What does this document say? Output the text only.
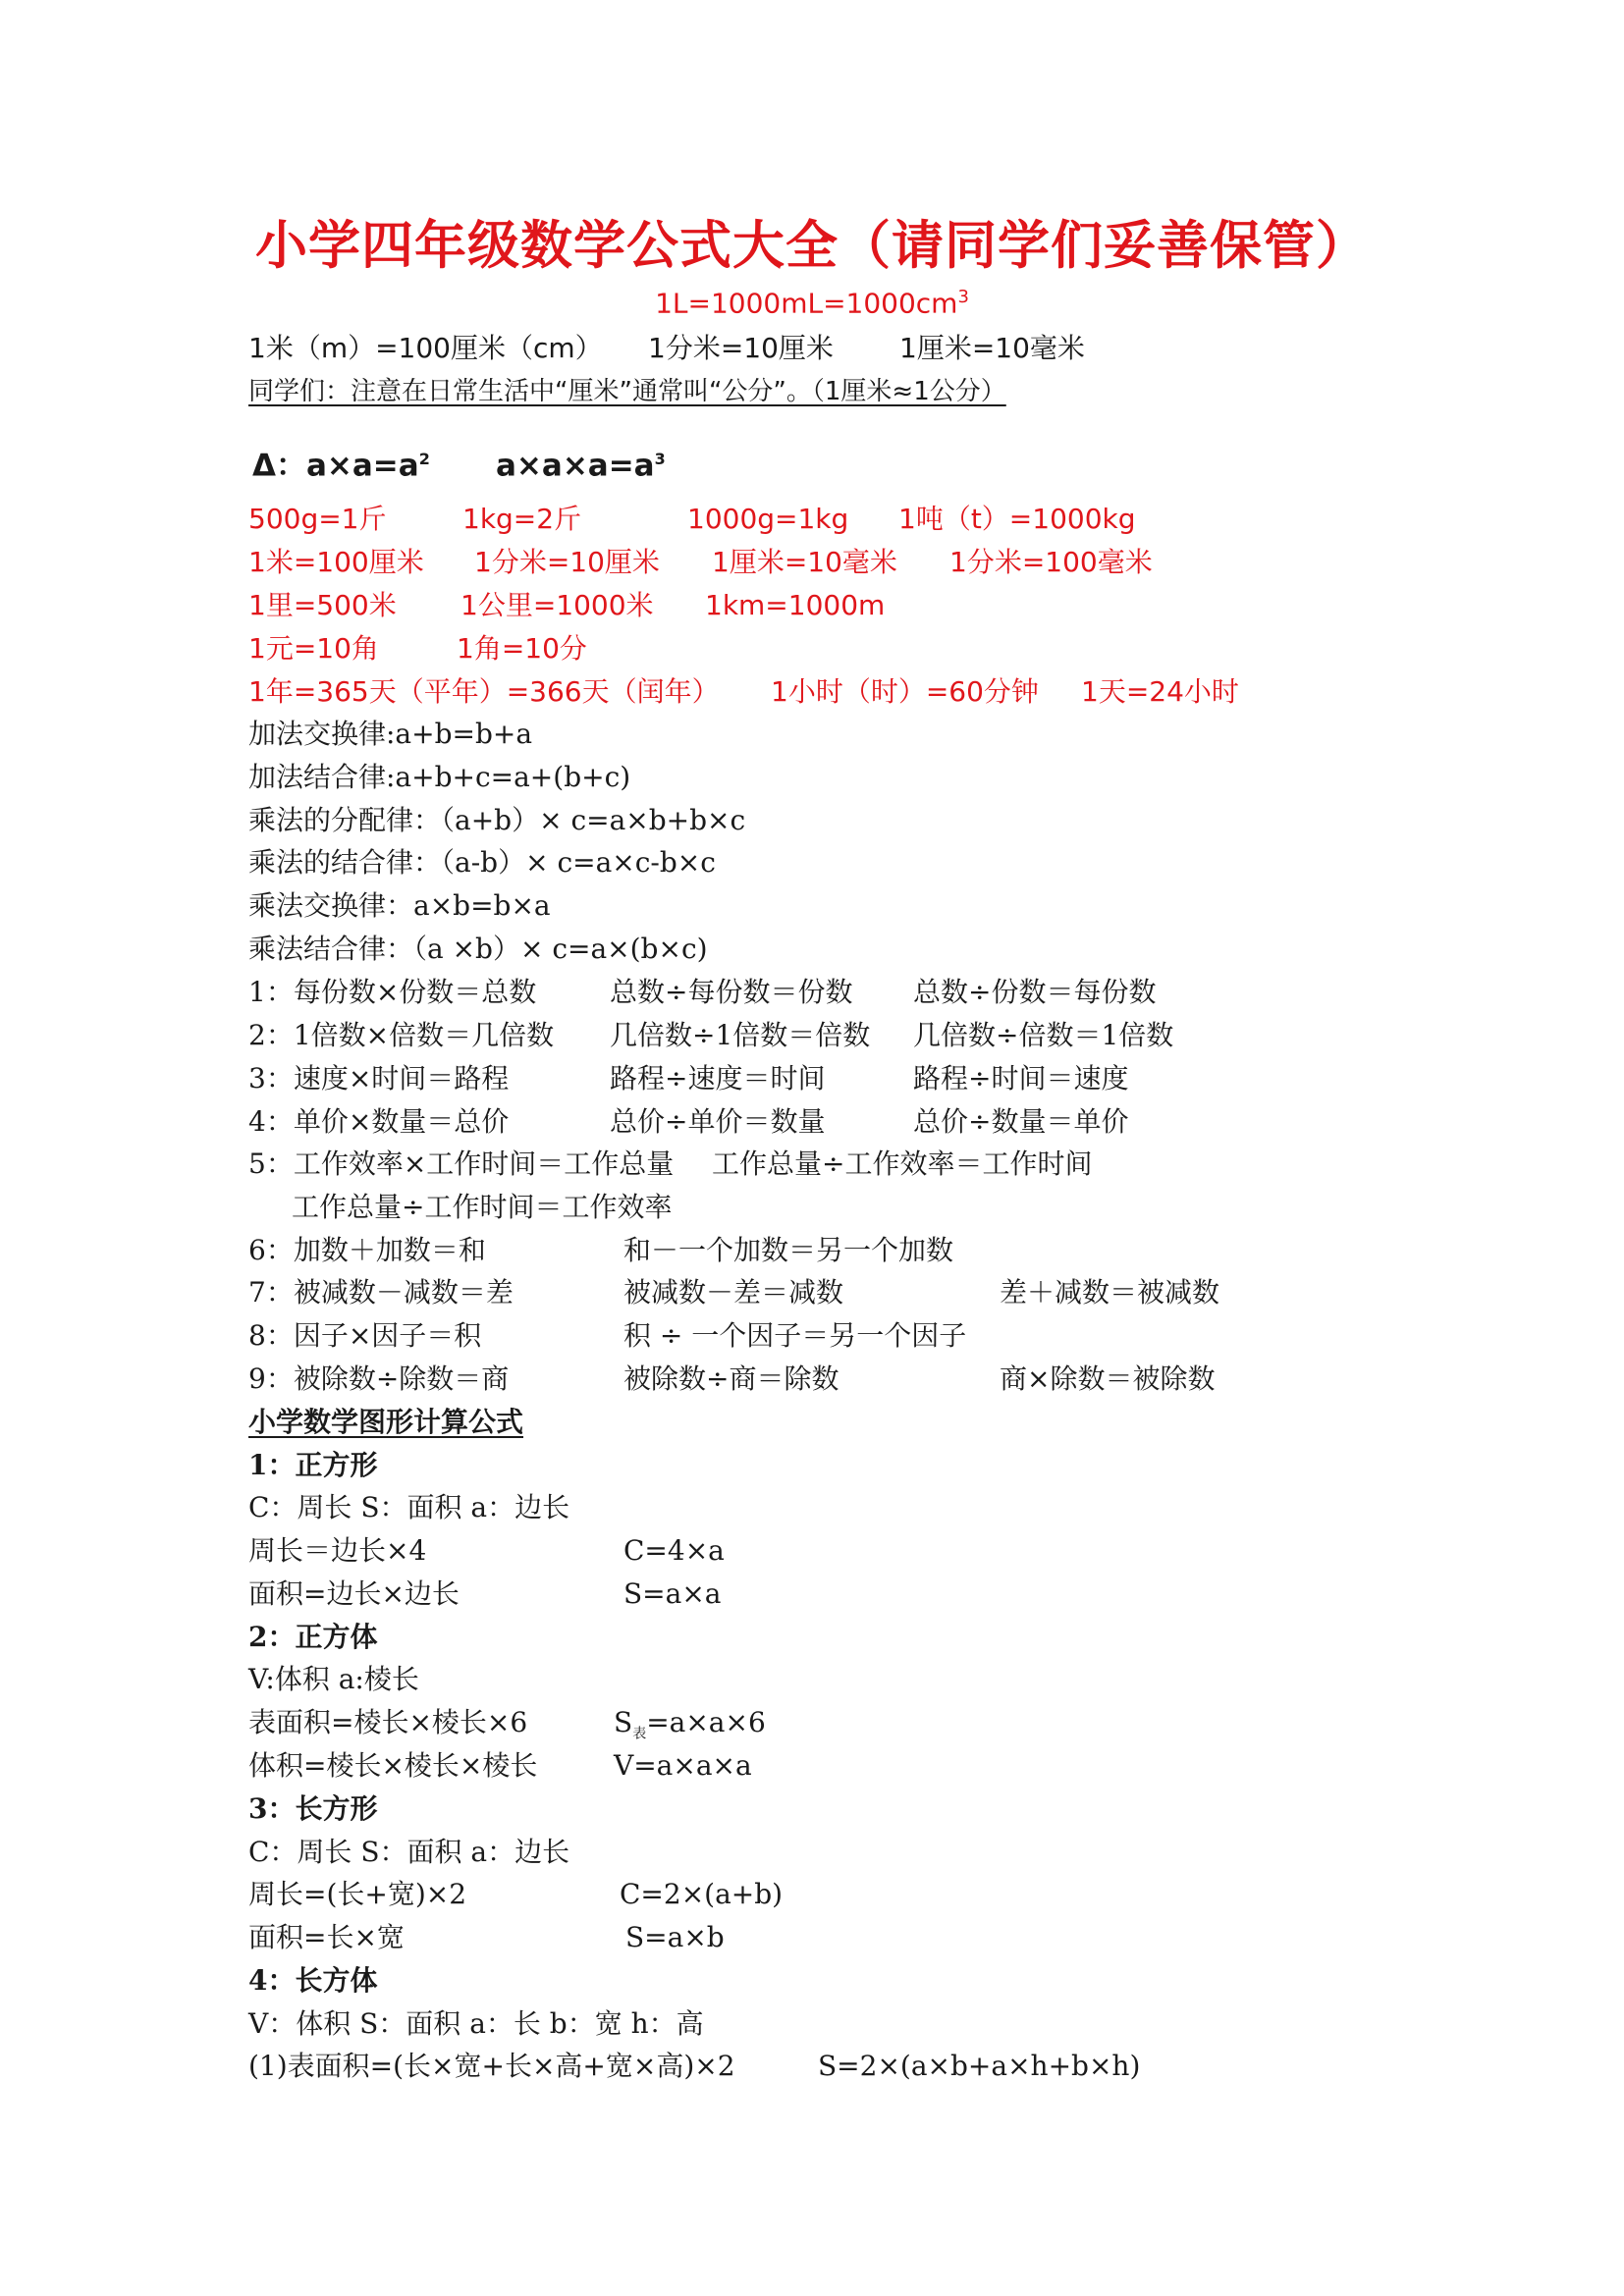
小学四年级数学公式大全（请同学们妥善保管）
$1L=1000mL=1000cm^3$
1米（m）=100厘米（cm） 1分米=10厘米 1厘米=10毫米
同学们：注意在日常生活中“厘米”通常叫“公分”。（1厘米≈1公分）
Δ：$a\times a=a^2$ $a\times a\times a=a^3$
500g=1斤	1kg=2斤	1000g=1kg 1吨（t）=1000kg
1米=100厘米 1分米=10厘米 1厘米=10毫米 1分米=100毫米
1里=500米 1公里=1000米 1km=1000m
1元=10角	1角=10分
1年=365天（平年）=366天（闰年） 1小时（时）=60分钟 1天=24小时
加法交换律:a+b=b+a
加法结合律:a+b+c=a+(b+c)
乘法的分配律：（a+b）× c=a×b+b×c
乘法的结合律：（a-b）× c=a×c-b×c
乘法交换律：a×b=b×a
乘法结合律：（a ×b）× c=a×(b×c)
1：每份数×份数＝总数	总数÷每份数＝份数 总数÷份数＝每份数
2：1倍数×倍数＝几倍数 几倍数÷1倍数＝倍数 几倍数÷倍数＝1倍数
3：速度×时间＝路程	路程÷速度＝时间	路程÷时间＝速度
4：单价×数量＝总价	总价÷单价＝数量	总价÷数量＝单价
5：工作效率×工作时间＝工作总量 工作总量÷工作效率＝工作时间
工作总量÷工作时间＝工作效率
6：加数＋加数＝和	和－一个加数＝另一个加数
7：被减数－减数＝差	被减数－差＝减数	差＋减数＝被减数
8：因子×因子＝积	积 ÷ 一个因子＝另一个因子
9：被除数÷除数＝商	被除数÷商＝除数	商×除数＝被除数
小学数学图形计算公式
1：正方形
C：周长 S：面积 a：边长
周长＝边长×4	C=4×a
面积=边长×边长	S=a×a
2：正方体
V:体积 a:棱长
表面积=棱长×棱长×6	$S_表=a\times a\times 6$
体积=棱长×棱长×棱长	V=a×a×a
3：长方形
C：周长 S：面积 a：边长
周长=(长+宽)×2	C=2×(a+b)
面积=长×宽	S=a×b
4：长方体
V：体积 S：面积 a：长 b：宽 h：高
(1)表面积=(长×宽+长×高+宽×高)×2	S=2×(a×b+a×h+b×h)
